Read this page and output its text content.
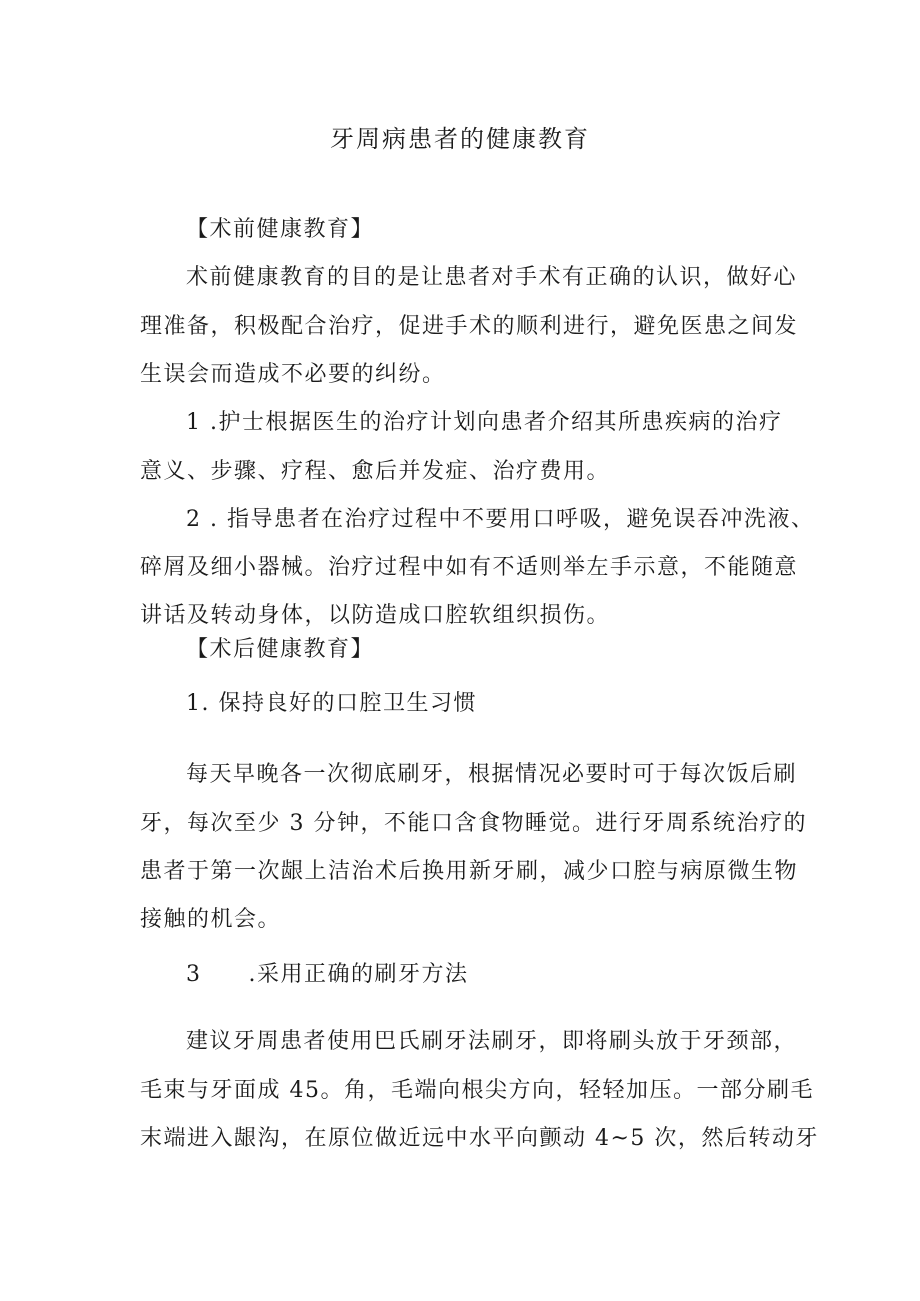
牙周病患者的健康教育
【术前健康教育】
术前健康教育的目的是让患者对手术有正确的认识，做好心
理准备，积极配合治疗，促进手术的顺利进行，避免医患之间发
生误会而造成不必要的纠纷。
1 .护士根据医生的治疗计划向患者介绍其所患疾病的治疗
意义、步骤、疗程、愈后并发症、治疗费用。
2 . 指导患者在治疗过程中不要用口呼吸，避免误吞冲洗液、
碎屑及细小器械。治疗过程中如有不适则举左手示意，不能随意
讲话及转动身体，以防造成口腔软组织损伤。
【术后健康教育】
1. 保持良好的口腔卫生习惯
每天早晚各一次彻底刷牙，根据情况必要时可于每次饭后刷
牙，每次至少 3 分钟，不能口含食物睡觉。进行牙周系统治疗的
患者于第一次龈上洁治术后换用新牙刷，减少口腔与病原微生物
接触的机会。
3　　.采用正确的刷牙方法
建议牙周患者使用巴氏刷牙法刷牙，即将刷头放于牙颈部，
毛束与牙面成 45。角，毛端向根尖方向，轻轻加压。一部分刷毛
末端进入龈沟，在原位做近远中水平向颤动 4~5 次，然后转动牙
